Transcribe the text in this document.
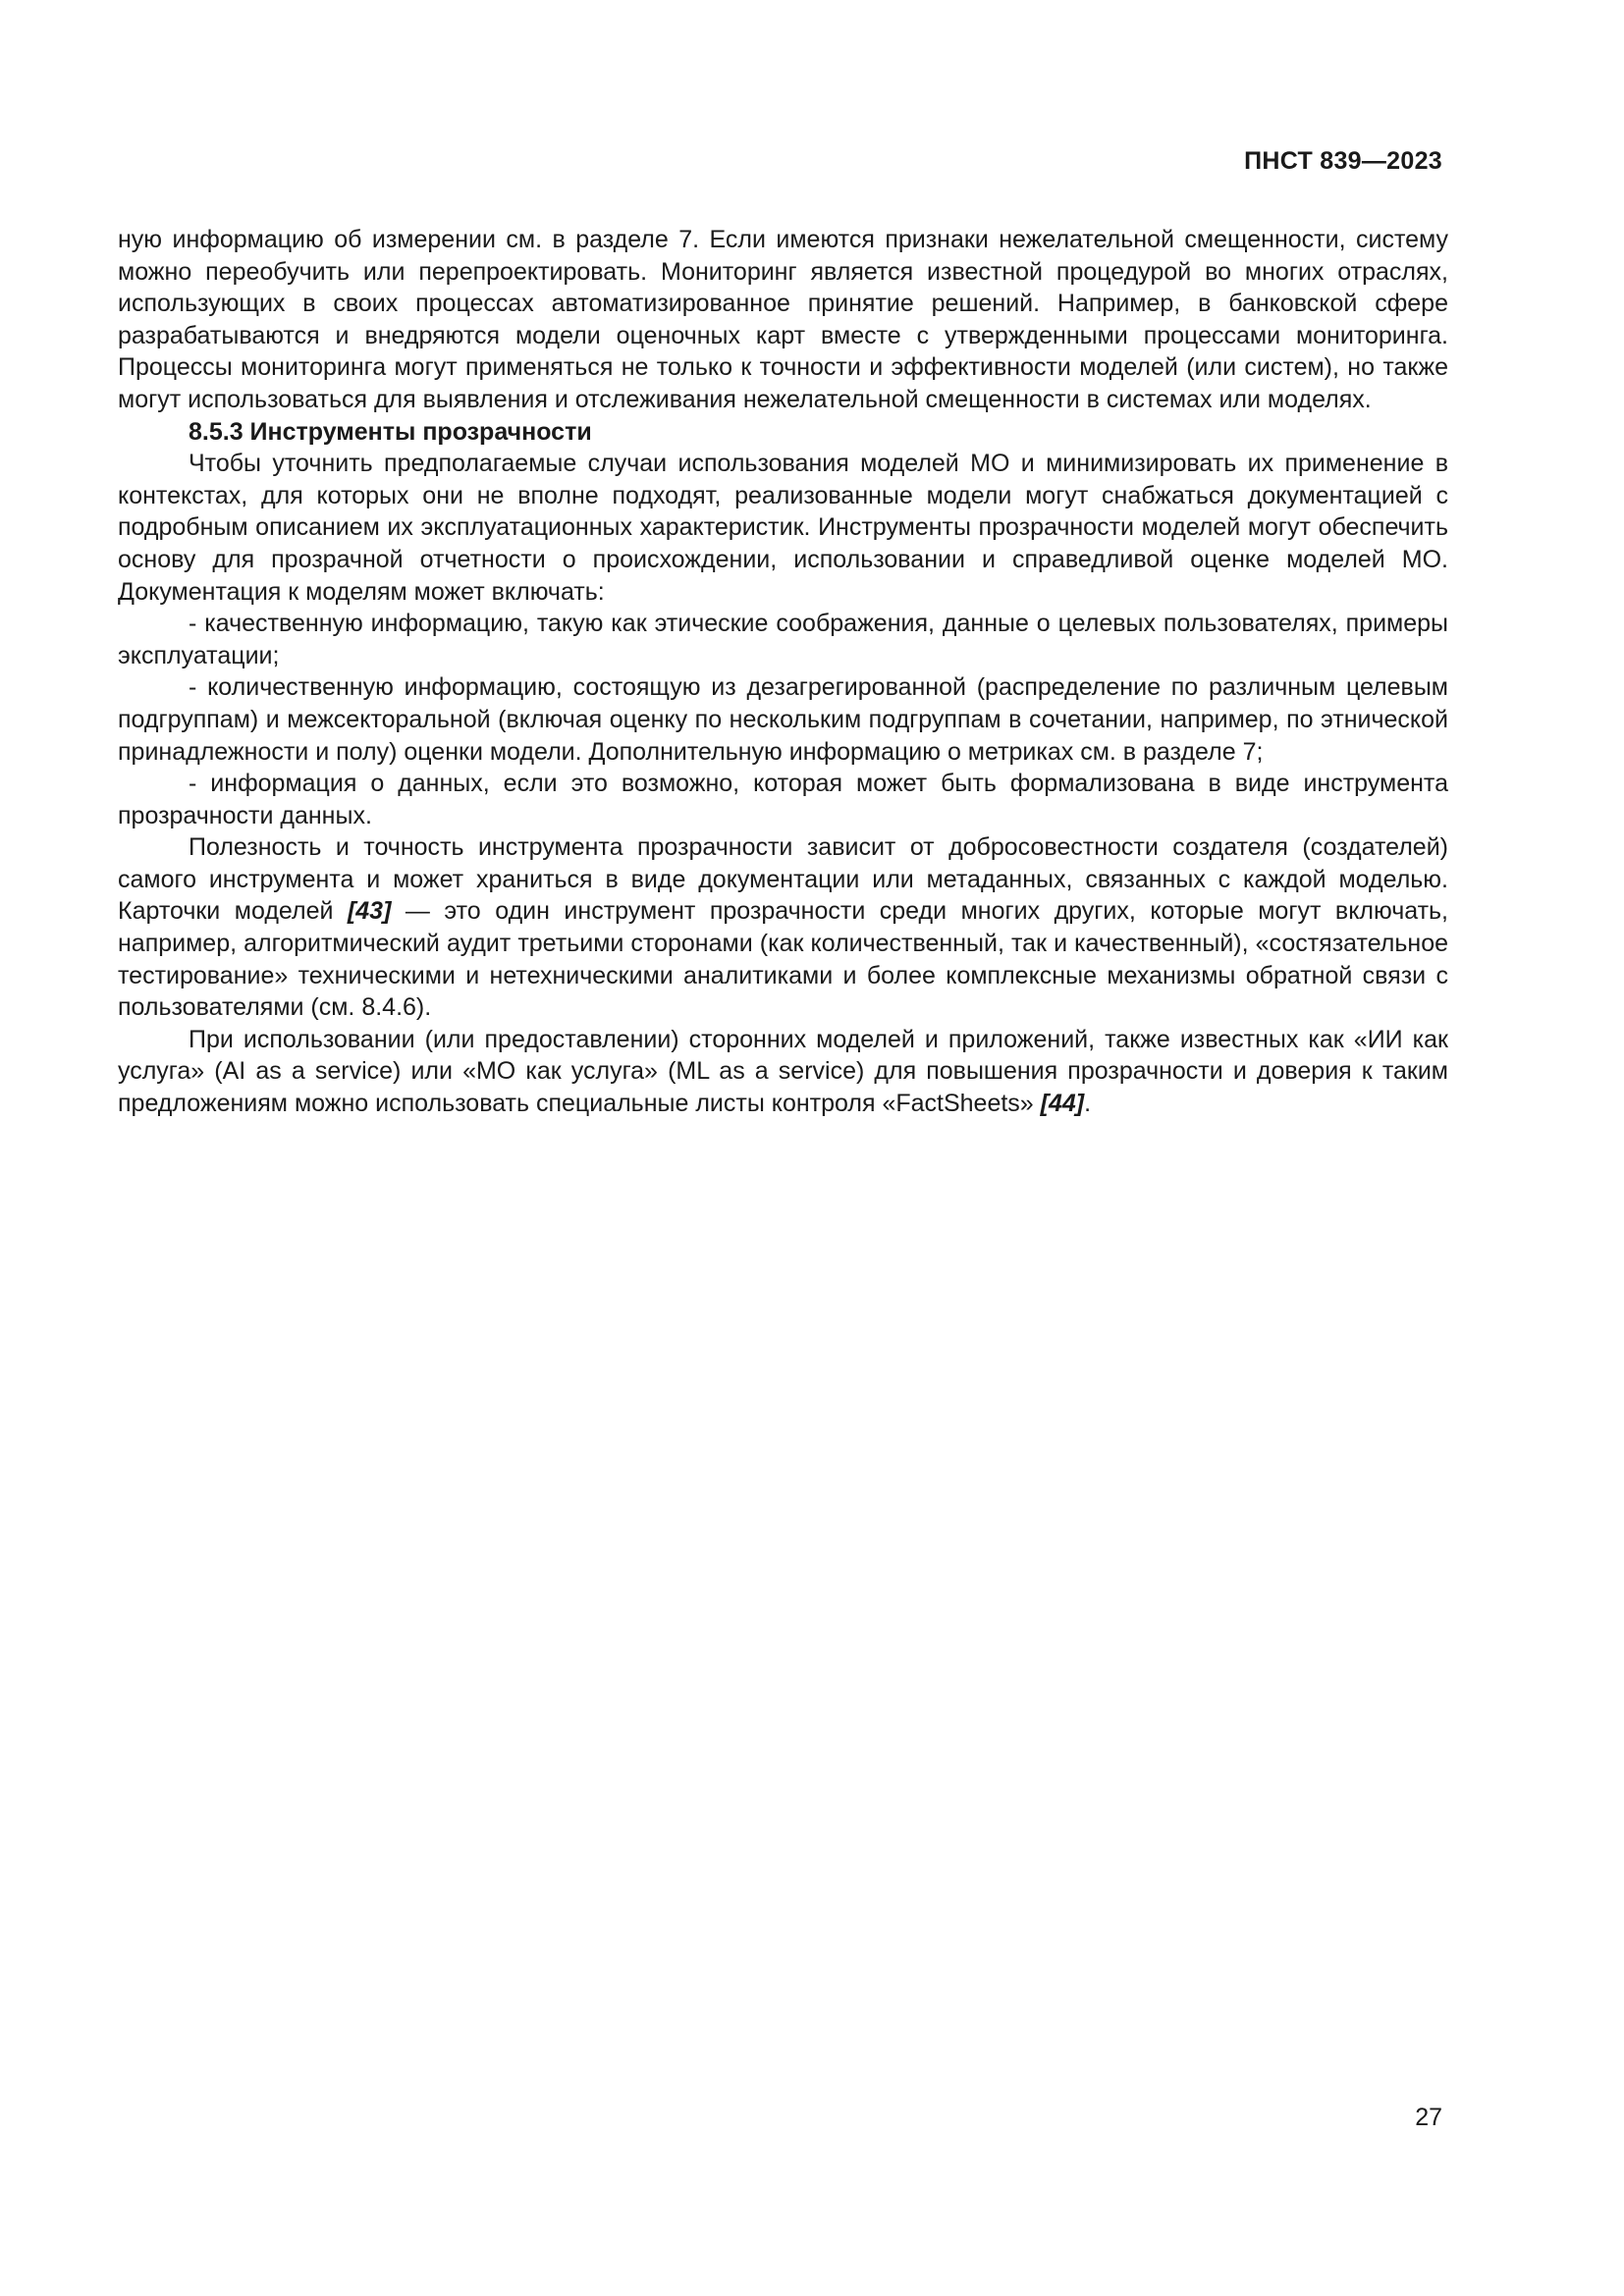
ПНСТ 839—2023

ную информацию об измерении см. в разделе 7. Если имеются признаки нежелательной смещенности, систему можно переобучить или перепроектировать. Мониторинг является известной процедурой во многих отраслях, использующих в своих процессах автоматизированное принятие решений. Например, в банковской сфере разрабатываются и внедряются модели оценочных карт вместе с утвержденными процессами мониторинга. Процессы мониторинга могут применяться не только к точности и эффективности моделей (или систем), но также могут использоваться для выявления и отслеживания нежелательной смещенности в системах или моделях.

8.5.3 Инструменты прозрачности

Чтобы уточнить предполагаемые случаи использования моделей МО и минимизировать их применение в контекстах, для которых они не вполне подходят, реализованные модели могут снабжаться документацией с подробным описанием их эксплуатационных характеристик. Инструменты прозрачности моделей могут обеспечить основу для прозрачной отчетности о происхождении, использовании и справедливой оценке моделей МО. Документация к моделям может включать:

- качественную информацию, такую как этические соображения, данные о целевых пользователях, примеры эксплуатации;

- количественную информацию, состоящую из дезагрегированной (распределение по различным целевым подгруппам) и межсекторальной (включая оценку по нескольким подгруппам в сочетании, например, по этнической принадлежности и полу) оценки модели. Дополнительную информацию о метриках см. в разделе 7;

- информация о данных, если это возможно, которая может быть формализована в виде инструмента прозрачности данных.

Полезность и точность инструмента прозрачности зависит от добросовестности создателя (создателей) самого инструмента и может храниться в виде документации или метаданных, связанных с каждой моделью. Карточки моделей [43] — это один инструмент прозрачности среди многих других, которые могут включать, например, алгоритмический аудит третьими сторонами (как количественный, так и качественный), «состязательное тестирование» техническими и нетехническими аналитиками и более комплексные механизмы обратной связи с пользователями (см. 8.4.6).

При использовании (или предоставлении) сторонних моделей и приложений, также известных как «ИИ как услуга» (AI as a service) или «МО как услуга» (ML as a service) для повышения прозрачности и доверия к таким предложениям можно использовать специальные листы контроля «FactSheets» [44].

27
